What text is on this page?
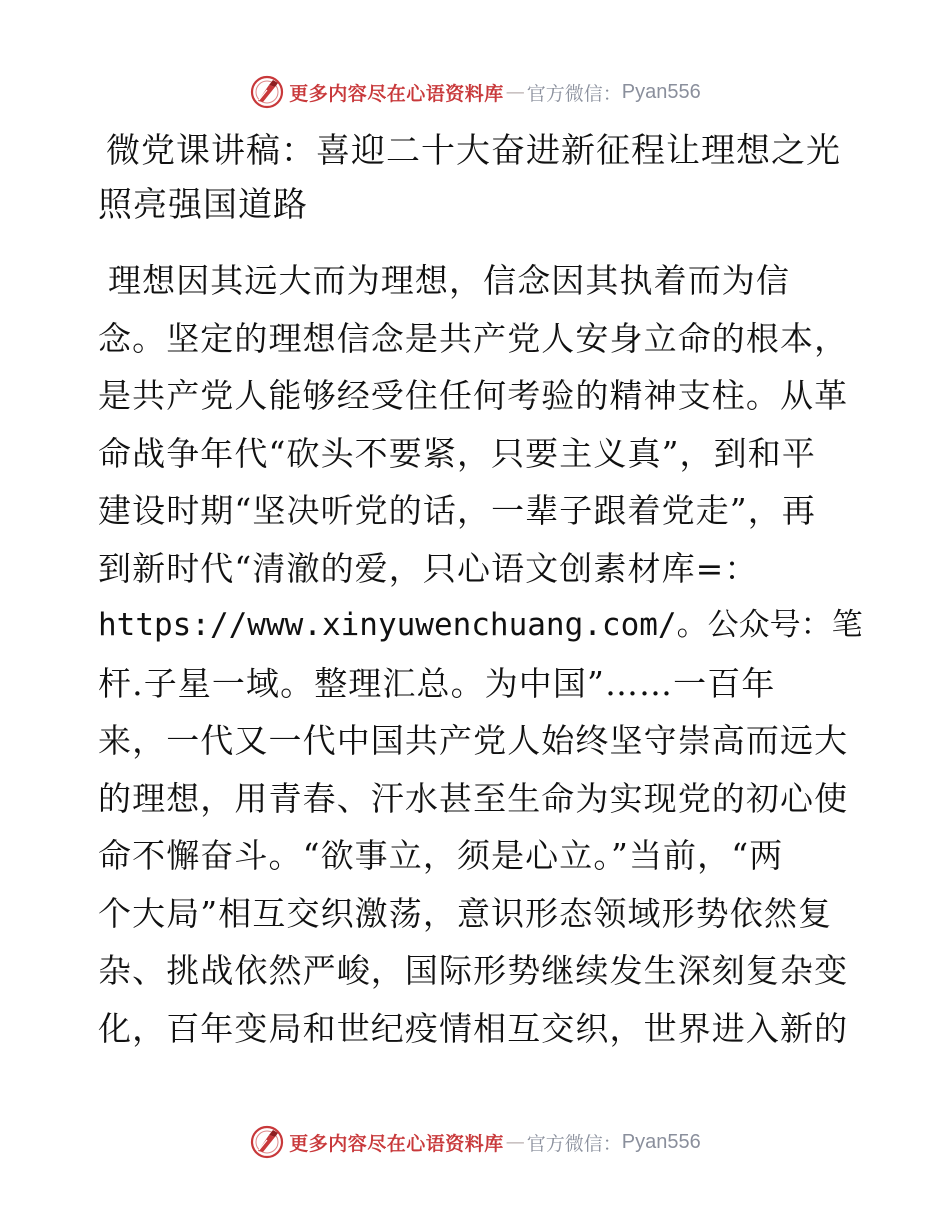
更多内容尽在心语资料库 — 官方微信： Pyan556
微党课讲稿：喜迎二十大奋进新征程让理想之光
照亮强国道路
理想因其远大而为理想，信念因其执着而为信
念。坚定的理想信念是共产党人安身立命的根本，
是共产党人能够经受住任何考验的精神支柱。从革
命战争年代“砍头不要紧，只要主义真”，到和平
建设时期“坚决听党的话，一辈子跟着党走”，再
到新时代“清澈的爱，只心语文创素材库=：
https://www.xinyuwenchuang.com/。公众号：笔
杆.子星一域。整理汇总。为中国”……一百年
来，一代又一代中国共产党人始终坚守崇高而远大
的理想，用青春、汗水甚至生命为实现党的初心使
命不懈奋斗。“欲事立，须是心立。”当前，“两
个大局”相互交织激荡，意识形态领域形势依然复
杂、挑战依然严峻，国际形势继续发生深刻复杂变
化，百年变局和世纪疫情相互交织，世界进入新的
更多内容尽在心语资料库 — 官方微信： Pyan556
